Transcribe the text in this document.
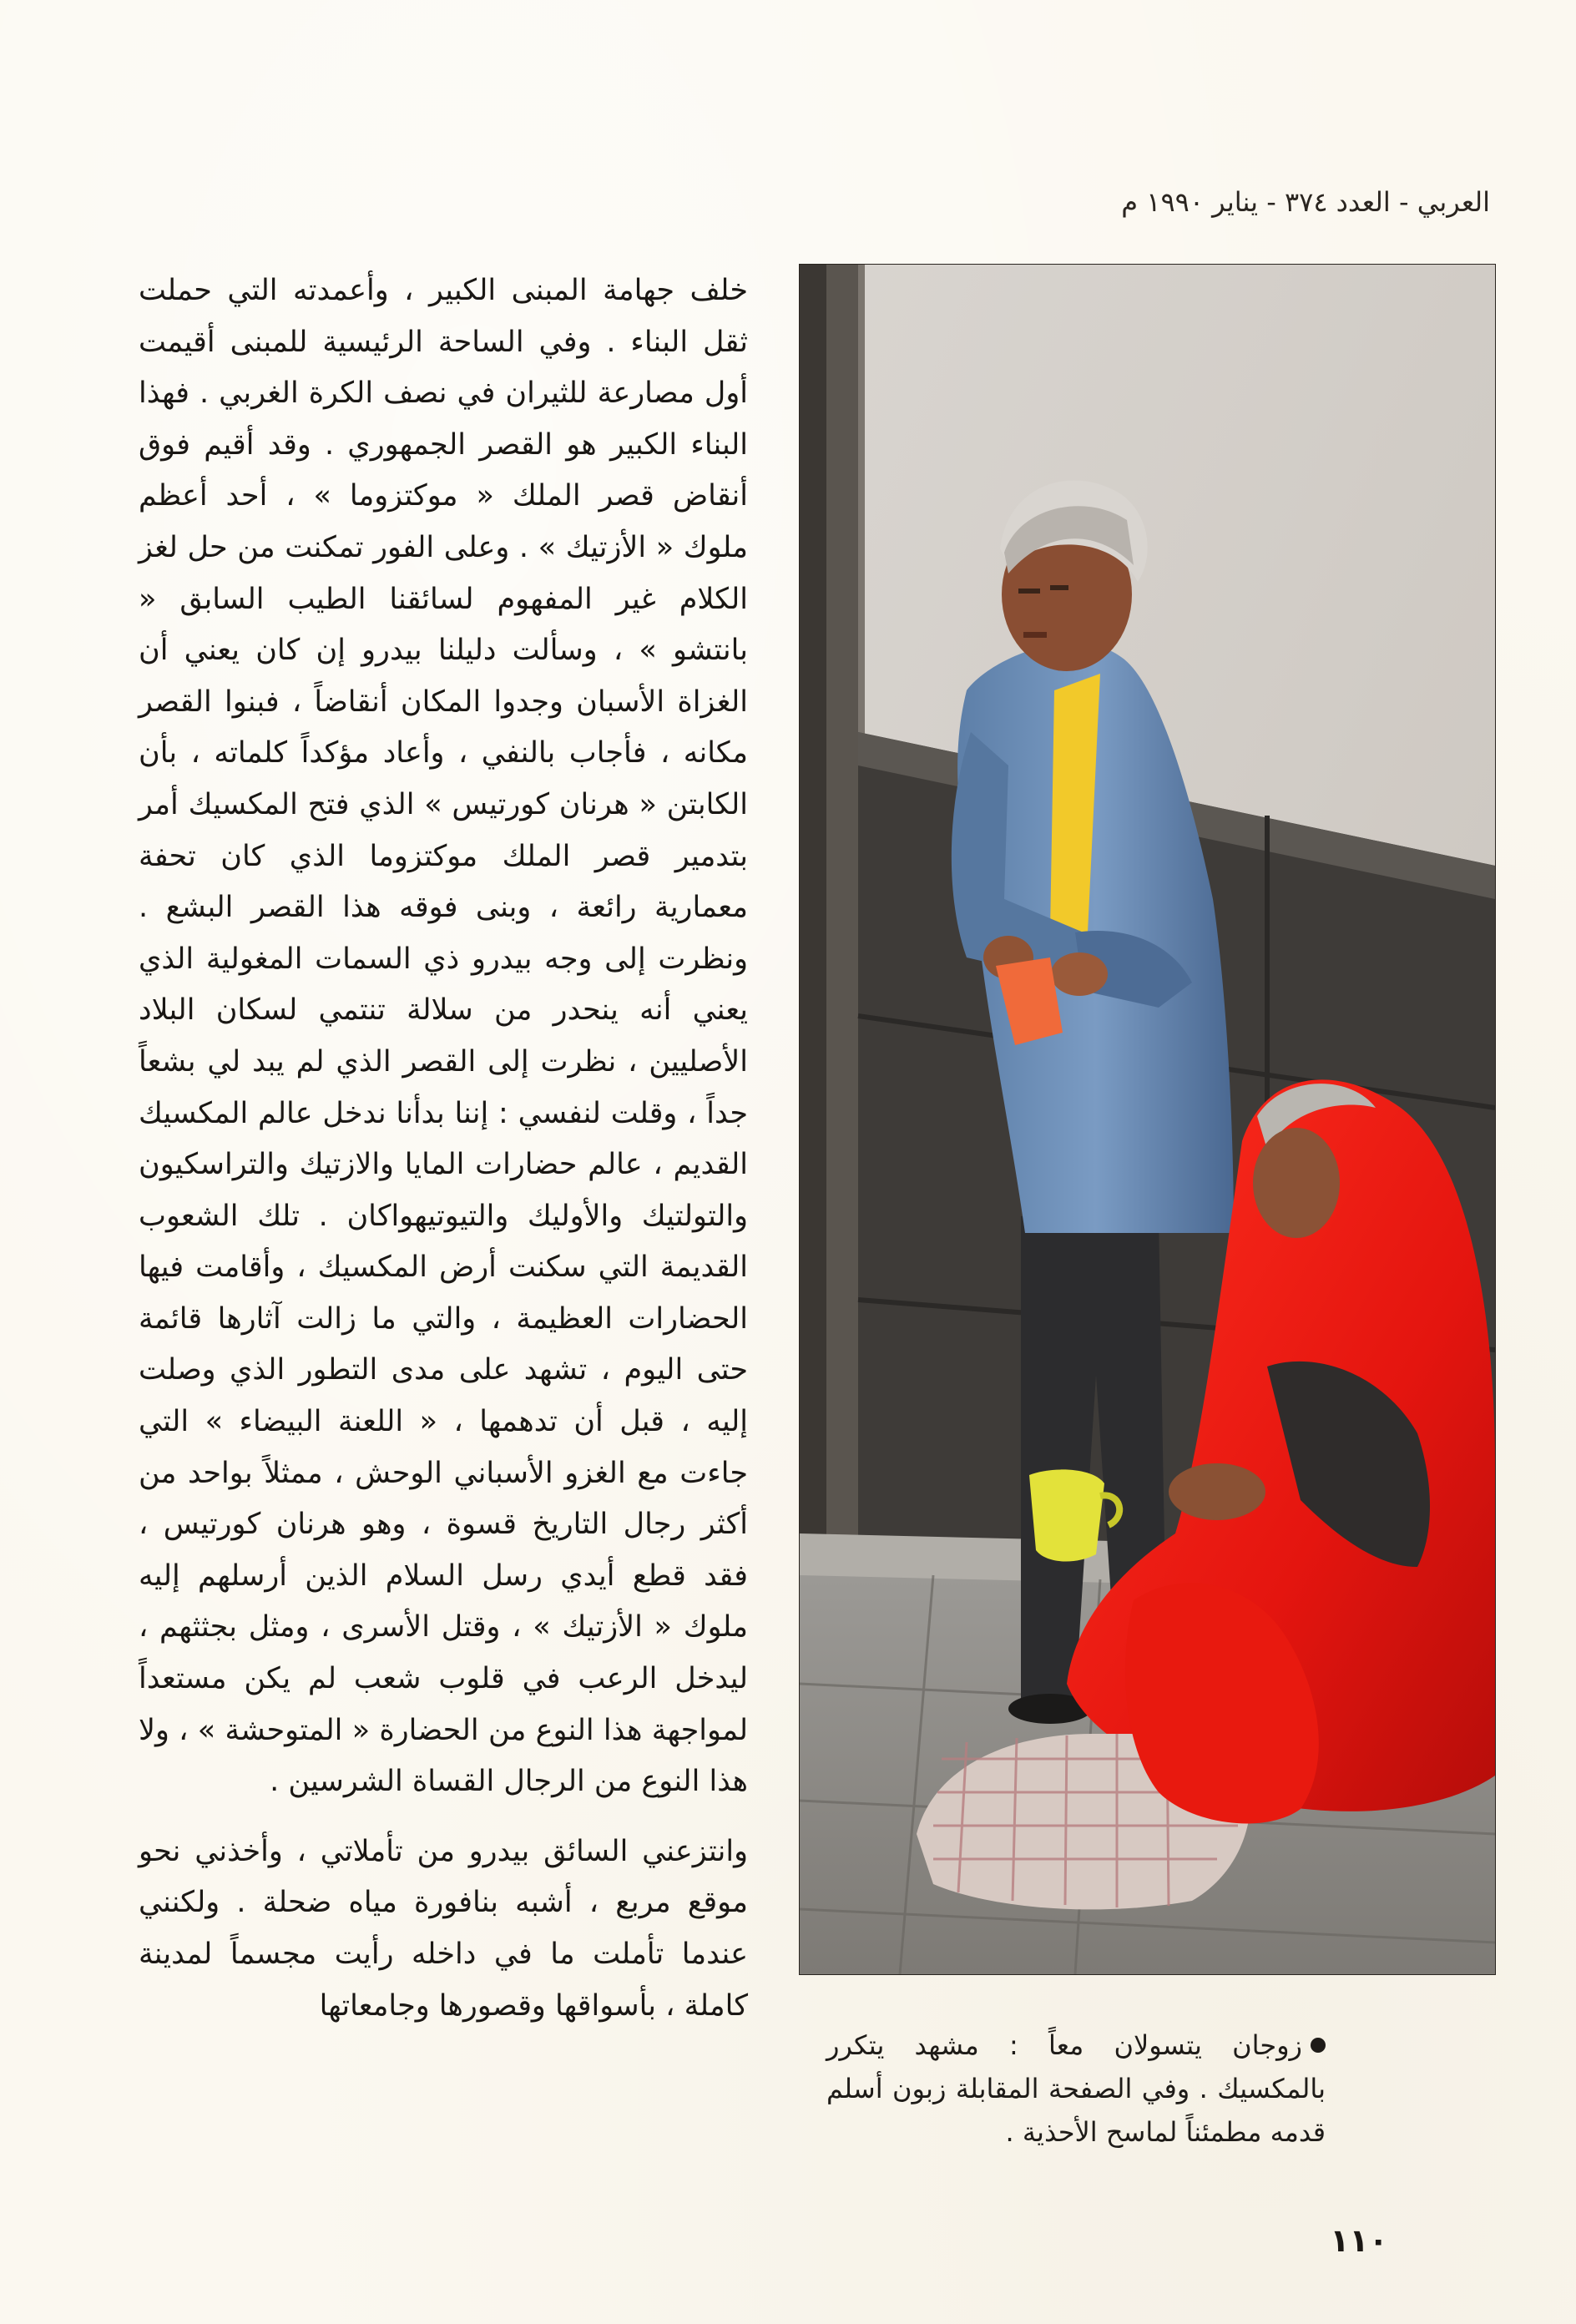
العربي - العدد ٣٧٤ - يناير ١٩٩٠ م

خلف جهامة المبنى الكبير ، وأعمدته التي حملت ثقل البناء . وفي الساحة الرئيسية للمبنى أقيمت أول مصارعة للثيران في نصف الكرة الغربي . فهذا البناء الكبير هو القصر الجمهوري . وقد أقيم فوق أنقاض قصر الملك « موكتزوما » ، أحد أعظم ملوك « الأزتيك » . وعلى الفور تمكنت من حل لغز الكلام غير المفهوم لسائقنا الطيب السابق « بانتشو » ، وسألت دليلنا بيدرو إن كان يعني أن الغزاة الأسبان وجدوا المكان أنقاضاً ، فبنوا القصر مكانه ، فأجاب بالنفي ، وأعاد مؤكداً كلماته ، بأن الكابتن « هرنان كورتيس » الذي فتح المكسيك أمر بتدمير قصر الملك موكتزوما الذي كان تحفة معمارية رائعة ، وبنى فوقه هذا القصر البشع . ونظرت إلى وجه بيدرو ذي السمات المغولية الذي يعني أنه ينحدر من سلالة تنتمي لسكان البلاد الأصليين ، نظرت إلى القصر الذي لم يبد لي بشعاً جداً ، وقلت لنفسي : إننا بدأنا ندخل عالم المكسيك القديم ، عالم حضارات المايا والازتيك والتراسكيون والتولتيك والأوليك والتيوتيهواكان . تلك الشعوب القديمة التي سكنت أرض المكسيك ، وأقامت فيها الحضارات العظيمة ، والتي ما زالت آثارها قائمة حتى اليوم ، تشهد على مدى التطور الذي وصلت إليه ، قبل أن تدهمها ، « اللعنة البيضاء » التي جاءت مع الغزو الأسباني الوحش ، ممثلاً بواحد من أكثر رجال التاريخ قسوة ، وهو هرنان كورتيس ، فقد قطع أيدي رسل السلام الذين أرسلهم إليه ملوك « الأزتيك » ، وقتل الأسرى ، ومثل بجثثهم ، ليدخل الرعب في قلوب شعب لم يكن مستعداً لمواجهة هذا النوع من الحضارة « المتوحشة » ، ولا هذا النوع من الرجال القساة الشرسين .

وانتزعني السائق بيدرو من تأملاتي ، وأخذني نحو موقع مربع ، أشبه بنافورة مياه ضحلة . ولكنني عندما تأملت ما في داخله رأيت مجسماً لمدينة كاملة ، بأسواقها وقصورها وجامعاتها

زوجان يتسولان معاً : مشهد يتكرر بالمكسيك . وفي الصفحة المقابلة زبون أسلم قدمه مطمئناً لماسح الأحذية .
١١٠
